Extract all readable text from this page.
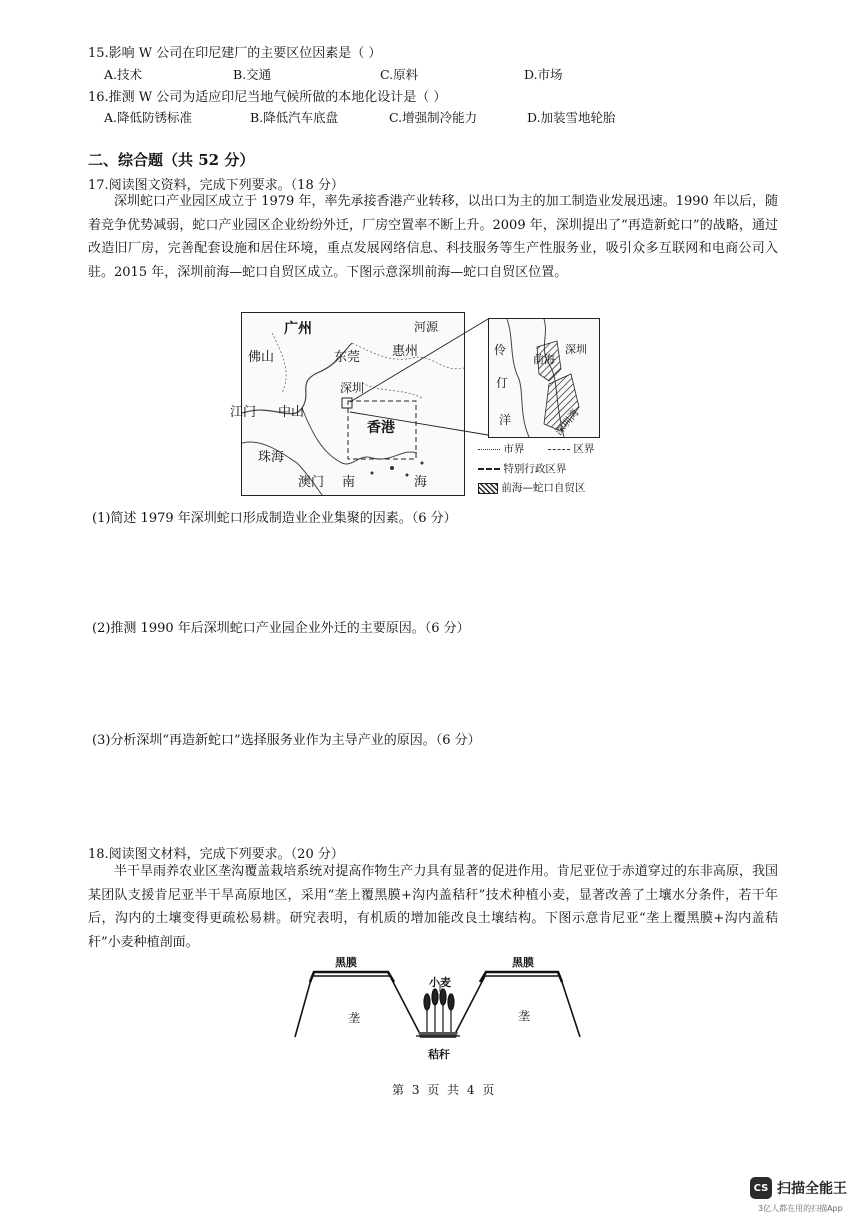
15.影响 W 公司在印尼建厂的主要区位因素是（ ）
A.技术	B.交通	C.原料	D.市场
16.推测 W 公司为适应印尼当地气候所做的本地化设计是（ ）
A.降低防锈标准	B.降低汽车底盘	C.增强制冷能力	D.加装雪地轮胎
二、综合题（共 52 分）
17.阅读图文资料，完成下列要求。（18 分）
深圳蛇口产业园区成立于 1979 年，率先承接香港产业转移，以出口为主的加工制造业发展迅速。1990 年以后，随着竞争优势减弱，蛇口产业园区企业纷纷外迁，厂房空置率不断上升。2009 年，深圳提出了“再造新蛇口”的战略，通过改造旧厂房，完善配套设施和居住环境，重点发展网络信息、科技服务等生产性服务业，吸引众多互联网和电商公司入驻。2015 年，深圳前海—蛇口自贸区成立。下图示意深圳前海—蛇口自贸区位置。
广州	河源
佛山	东莞 惠州
深圳
江门 中山
香港
珠海
澳门 南	海
伶
仃
洋
前海
深圳
深圳湾
市界	区界
特别行政区界
前海—蛇口自贸区
(1)简述 1979 年深圳蛇口形成制造业企业集聚的因素。（6 分）
(2)推测 1990 年后深圳蛇口产业园企业外迁的主要原因。（6 分）
(3)分析深圳“再造新蛇口”选择服务业作为主导产业的原因。（6 分）
18.阅读图文材料，完成下列要求。（20 分）
半干旱雨养农业区垄沟覆盖栽培系统对提高作物生产力具有显著的促进作用。肯尼亚位于赤道穿过的东非高原，我国某团队支援肯尼亚半干旱高原地区，采用“垄上覆黑膜+沟内盖秸秆”技术种植小麦，显著改善了土壤水分条件，若干年后，沟内的土壤变得更疏松易耕。研究表明，有机质的增加能改良土壤结构。下图示意肯尼亚“垄上覆黑膜+沟内盖秸秆”小麦种植剖面。
黑膜	黑膜
小麦
垄	垄
秸秆
第 3 页 共 4 页
CS 扫描全能王
3亿人都在用的扫描App
